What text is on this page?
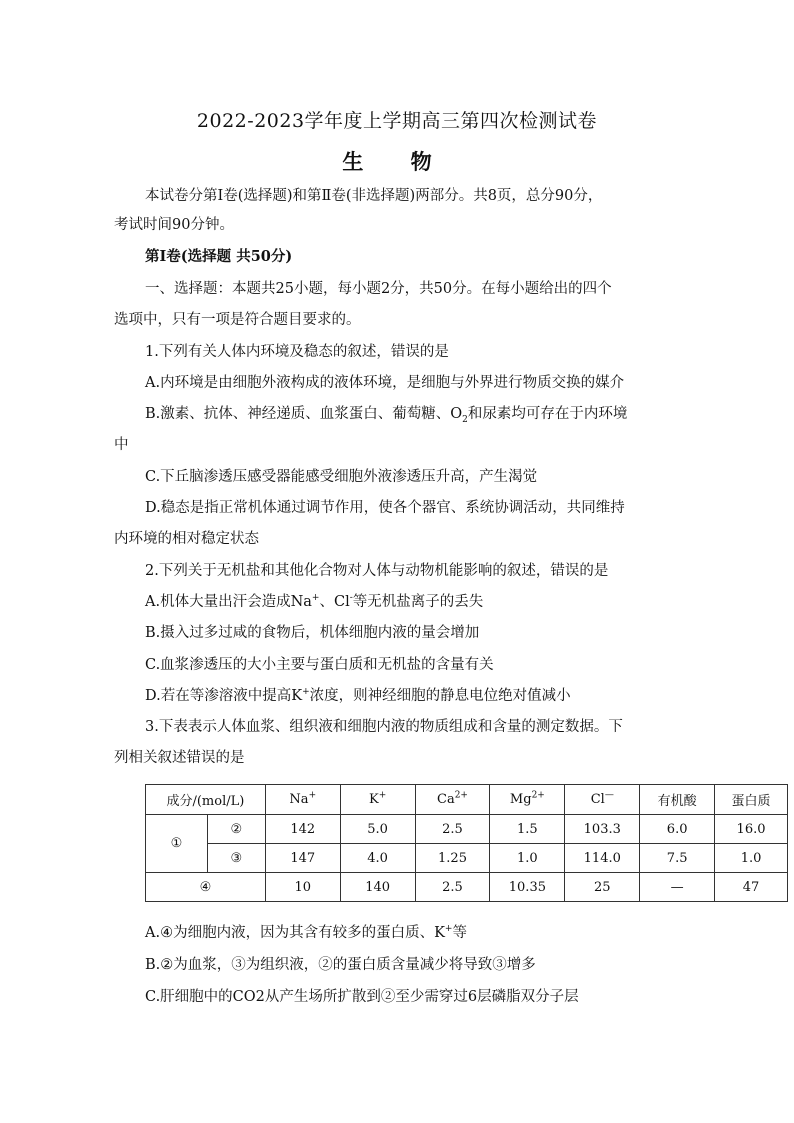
2022-2023学年度上学期高三第四次检测试卷
生 物
本试卷分第Ⅰ卷(选择题)和第Ⅱ卷(非选择题)两部分。共8页，总分90分，
考试时间90分钟。
第Ⅰ卷(选择题 共50分)
一、选择题：本题共25小题，每小题2分，共50分。在每小题给出的四个
选项中，只有一项是符合题目要求的。
1.下列有关人体内环境及稳态的叙述，错误的是
A.内环境是由细胞外液构成的液体环境，是细胞与外界进行物质交换的媒介
B.激素、抗体、神经递质、血浆蛋白、葡萄糖、$O_2$和尿素均可存在于内环境
中
C.下丘脑渗透压感受器能感受细胞外液渗透压升高，产生渴觉
D.稳态是指正常机体通过调节作用，使各个器官、系统协调活动，共同维持
内环境的相对稳定状态
2.下列关于无机盐和其他化合物对人体与动物机能影响的叙述，错误的是
A.机体大量出汗会造成Na+、Cl-等无机盐离子的丢失
B.摄入过多过咸的食物后，机体细胞内液的量会增加
C.血浆渗透压的大小主要与蛋白质和无机盐的含量有关
D.若在等渗溶液中提高K+浓度，则神经细胞的静息电位绝对值减小
3.下表表示人体血浆、组织液和细胞内液的物质组成和含量的测定数据。下
列相关叙述错误的是
成分/(mol/L)		Na+	K+	$Ca^{2+}$	$Mg^{2+}$	Cl—	有机酸	蛋白质
①	②	142	5.0	2.5	1.5	103.3	6.0	16.0
	③	147	4.0	1.25	1.0	114.0	7.5	1.0
④		10	140	2.5	10.35	25	—	47
A.④为细胞内液，因为其含有较多的蛋白质、K+等
B.②为血浆，③为组织液，②的蛋白质含量减少将导致③增多
C.肝细胞中的CO2从产生场所扩散到②至少需穿过6层磷脂双分子层
